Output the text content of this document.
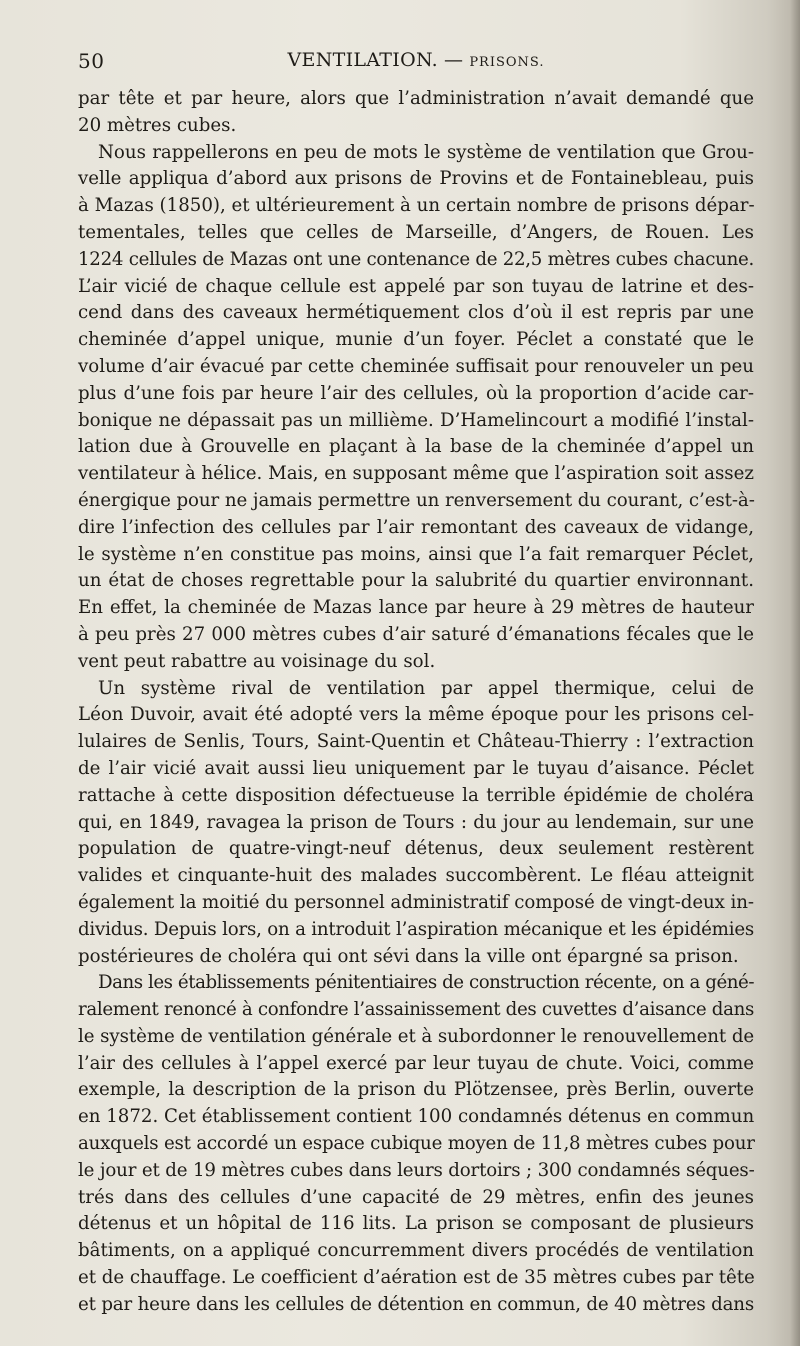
50	VENTILATION. — PRISONS.
par tête et par heure, alors que l’administration n’avait demandé que
20 mètres cubes.
Nous rappellerons en peu de mots le système de ventilation que Grou-
velle appliqua d’abord aux prisons de Provins et de Fontainebleau, puis
à Mazas (1850), et ultérieurement à un certain nombre de prisons dépar-
tementales, telles que celles de Marseille, d’Angers, de Rouen. Les
1224 cellules de Mazas ont une contenance de 22,5 mètres cubes chacune.
L’air vicié de chaque cellule est appelé par son tuyau de latrine et des-
cend dans des caveaux hermétiquement clos d’où il est repris par une
cheminée d’appel unique, munie d’un foyer. Péclet a constaté que le
volume d’air évacué par cette cheminée suffisait pour renouveler un peu
plus d’une fois par heure l’air des cellules, où la proportion d’acide car-
bonique ne dépassait pas un millième. D’Hamelincourt a modifié l’instal-
lation due à Grouvelle en plaçant à la base de la cheminée d’appel un
ventilateur à hélice. Mais, en supposant même que l’aspiration soit assez
énergique pour ne jamais permettre un renversement du courant, c’est-à-
dire l’infection des cellules par l’air remontant des caveaux de vidange,
le système n’en constitue pas moins, ainsi que l’a fait remarquer Péclet,
un état de choses regrettable pour la salubrité du quartier environnant.
En effet, la cheminée de Mazas lance par heure à 29 mètres de hauteur
à peu près 27 000 mètres cubes d’air saturé d’émanations fécales que le
vent peut rabattre au voisinage du sol.
Un système rival de ventilation par appel thermique, celui de
Léon Duvoir, avait été adopté vers la même époque pour les prisons cel-
lulaires de Senlis, Tours, Saint-Quentin et Château-Thierry : l’extraction
de l’air vicié avait aussi lieu uniquement par le tuyau d’aisance. Péclet
rattache à cette disposition défectueuse la terrible épidémie de choléra
qui, en 1849, ravagea la prison de Tours : du jour au lendemain, sur une
population de quatre-vingt-neuf détenus, deux seulement restèrent
valides et cinquante-huit des malades succombèrent. Le fléau atteignit
également la moitié du personnel administratif composé de vingt-deux in-
dividus. Depuis lors, on a introduit l’aspiration mécanique et les épidémies
postérieures de choléra qui ont sévi dans la ville ont épargné sa prison.
Dans les établissements pénitentiaires de construction récente, on a géné-
ralement renoncé à confondre l’assainissement des cuvettes d’aisance dans
le système de ventilation générale et à subordonner le renouvellement de
l’air des cellules à l’appel exercé par leur tuyau de chute. Voici, comme
exemple, la description de la prison du Plötzensee, près Berlin, ouverte
en 1872. Cet établissement contient 100 condamnés détenus en commun
auxquels est accordé un espace cubique moyen de 11,8 mètres cubes pour
le jour et de 19 mètres cubes dans leurs dortoirs ; 300 condamnés séques-
trés dans des cellules d’une capacité de 29 mètres, enfin des jeunes
détenus et un hôpital de 116 lits. La prison se composant de plusieurs
bâtiments, on a appliqué concurremment divers procédés de ventilation
et de chauffage. Le coefficient d’aération est de 35 mètres cubes par tête
et par heure dans les cellules de détention en commun, de 40 mètres dans
